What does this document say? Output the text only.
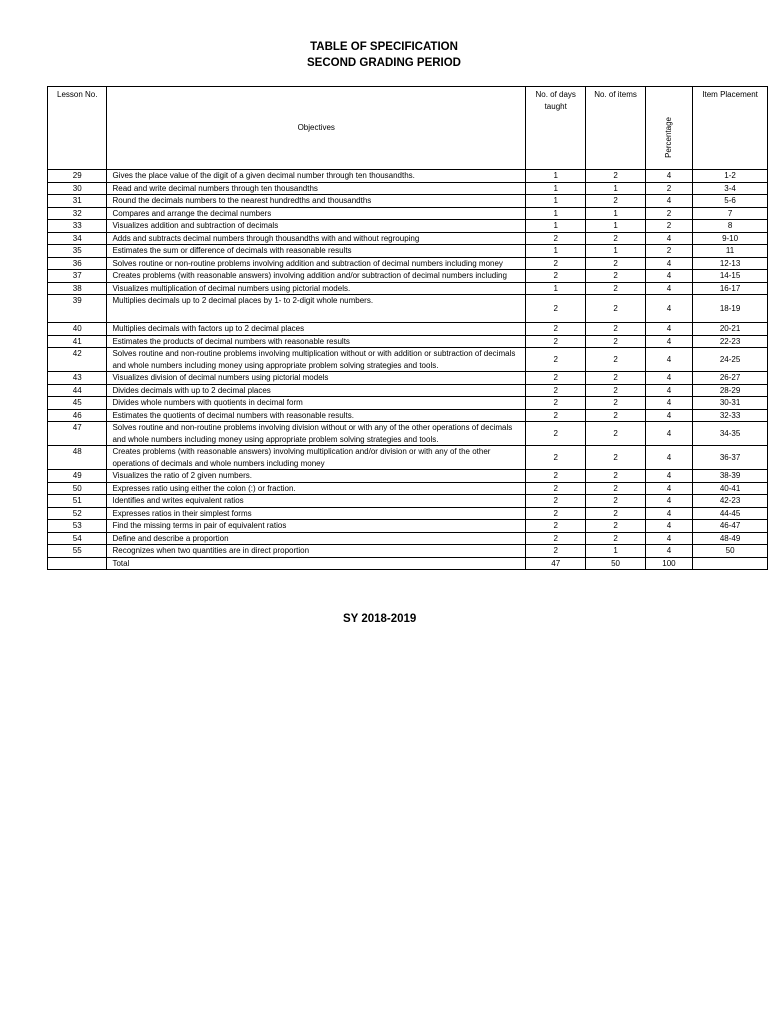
TABLE OF SPECIFICATION
SECOND GRADING PERIOD
Lesson No.	Objectives	No. of days taught	No. of items	Percentage	Item Placement
29	Gives the place value of the digit of a given decimal number through ten thousandths.	1	2	4	1-2
30	Read and write decimal numbers through ten thousandths	1	1	2	3-4
31	Round the decimals numbers to the nearest hundredths and thousandths	1	2	4	5-6
32	Compares and arrange the decimal numbers	1	1	2	7
33	Visualizes addition and subtraction of decimals	1	1	2	8
34	Adds and subtracts decimal numbers through thousandths with and without regrouping	2	2	4	9-10
35	Estimates the sum or difference of decimals with reasonable results	1	1	2	11
36	Solves routine or non-routine problems involving addition and subtraction of decimal numbers including money	2	2	4	12-13
37	Creates problems (with reasonable answers) involving addition and/or subtraction of decimal numbers including	2	2	4	14-15
38	Visualizes multiplication of decimal numbers using pictorial models.	1	2	4	16-17
39	Multiplies decimals up to 2 decimal places by 1- to 2-digit whole numbers.	2	2	4	18-19
40	Multiplies decimals with factors up to 2 decimal places	2	2	4	20-21
41	Estimates the products of decimal numbers with reasonable results	2	2	4	22-23
42	Solves routine and non-routine problems involving multiplication without or with addition or subtraction of decimals and whole numbers including money using appropriate problem solving strategies and tools.	2	2	4	24-25
43	Visualizes division of decimal numbers using pictorial models	2	2	4	26-27
44	Divides decimals with up to 2 decimal places	2	2	4	28-29
45	Divides whole numbers with quotients in decimal form	2	2	4	30-31
46	Estimates the quotients of decimal numbers with reasonable results.	2	2	4	32-33
47	Solves routine and non-routine problems involving division without or with any of the other operations of decimals and whole numbers including money using appropriate problem solving strategies and tools.	2	2	4	34-35
48	Creates problems (with reasonable answers) involving multiplication and/or division or with any of the other operations of decimals and whole numbers including money	2	2	4	36-37
49	Visualizes the ratio of 2 given numbers.	2	2	4	38-39
50	Expresses ratio using either the colon (:) or fraction.	2	2	4	40-41
51	Identifies and writes equivalent ratios	2	2	4	42-23
52	Expresses ratios in their simplest forms	2	2	4	44-45
53	Find the missing terms in pair of equivalent ratios	2	2	4	46-47
54	Define and describe a proportion	2	2	4	48-49
55	Recognizes when two quantities are in direct proportion	2	1	4	50
	Total	47	50	100	
SY 2018-2019
